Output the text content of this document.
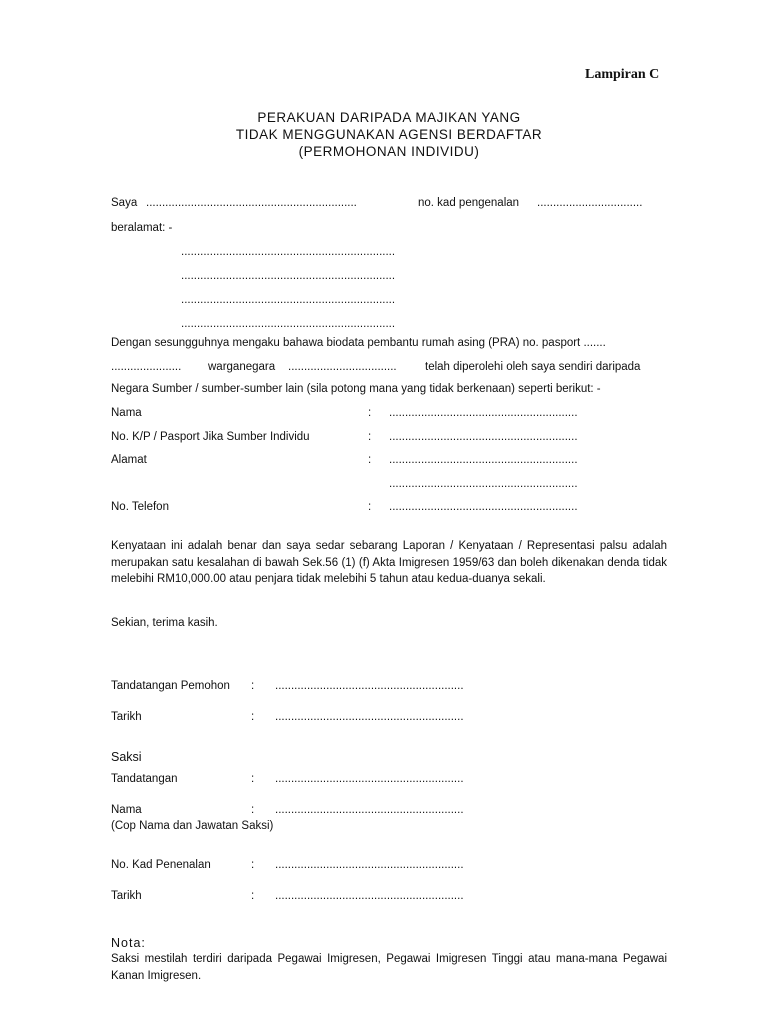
Lampiran C
PERAKUAN DARIPADA MAJIKAN YANG
TIDAK MENGGUNAKAN AGENSI BERDAFTAR
(PERMOHONAN INDIVIDU)
Saya ..................................................................	no. kad pengenalan .................................
beralamat: -
...................................................................
...................................................................
...................................................................
...................................................................
Dengan sesungguhnya mengaku bahawa biodata pembantu rumah asing (PRA) no. pasport .......
...................... warganegara .................................. telah diperolehi oleh saya sendiri daripada
Negara Sumber / sumber-sumber lain (sila potong mana yang tidak berkenaan) seperti berikut: -
Nama	: ...........................................................
No. K/P / Pasport Jika Sumber Individu	: ...........................................................
Alamat	: ...........................................................
...........................................................
No. Telefon	: ...........................................................
Kenyataan ini adalah benar dan saya sedar sebarang Laporan / Kenyataan / Representasi palsu adalah merupakan satu kesalahan di bawah Sek.56 (1) (f) Akta Imigresen 1959/63 dan boleh dikenakan denda tidak melebihi RM10,000.00 atau penjara tidak melebihi 5 tahun atau kedua-duanya sekali.
Sekian, terima kasih.
Tandatangan Pemohon : ...........................................................
Tarikh	: ...........................................................
Saksi
Tandatangan	: ...........................................................
Nama	: ...........................................................
(Cop Nama dan Jawatan Saksi)
No. Kad Penenalan	: ...........................................................
Tarikh	: ...........................................................
Nota:
Saksi mestilah terdiri daripada Pegawai Imigresen, Pegawai Imigresen Tinggi atau mana-mana Pegawai Kanan Imigresen.
